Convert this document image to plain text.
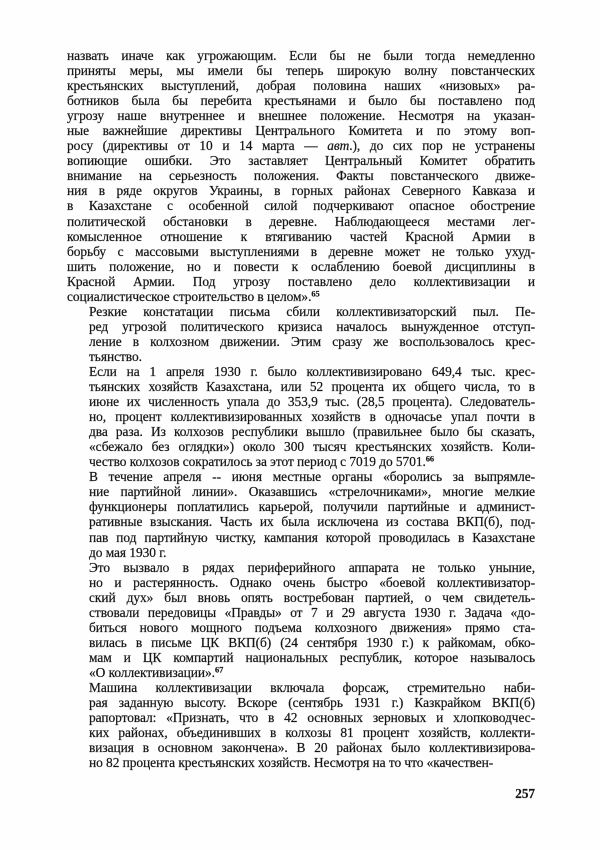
назвать иначе как угрожающим. Если бы не были тогда немедленно
приняты меры, мы имели бы теперь широкую волну повстанческих
крестьянских выступлений, добрая половина наших «низовых» ра-
ботников была бы перебита крестьянами и было бы поставлено под
угрозу наше внутреннее и внешнее положение. Несмотря на указан-
ные важнейшие директивы Центрального Комитета и по этому воп-
росу (директивы от 10 и 14 марта — авт.), до сих пор не устранены
вопиющие ошибки. Это заставляет Центральный Комитет обратить
внимание на серьезность положения. Факты повстанческого движе-
ния в ряде округов Украины, в горных районах Северного Кавказа и
в Казахстане с особенной силой подчеркивают опасное обострение
политической обстановки в деревне. Наблюдающееся местами лег-
комысленное отношение к втягиванию частей Красной Армии в
борьбу с массовыми выступлениями в деревне может не только ухуд-
шить положение, но и повести к ослаблению боевой дисциплины в
Красной Армии. Под угрозу поставлено дело коллективизации и
социалистическое строительство в целом».$^{65}$

Резкие констатации письма сбили коллективизаторский пыл. Пе-
ред угрозой политического кризиса началось вынужденное отступ-
ление в колхозном движении. Этим сразу же воспользовалось крес-
тьянство.

Если на 1 апреля 1930 г. было коллективизировано 649,4 тыс. крес-
тьянских хозяйств Казахстана, или 52 процента их общего числа, то в
июне их численность упала до 353,9 тыс. (28,5 процента). Следователь-
но, процент коллективизированных хозяйств в одночасье упал почти в
два раза. Из колхозов республики вышло (правильнее было бы сказать,
«сбежало без оглядки») около 300 тысяч крестьянских хозяйств. Коли-
чество колхозов сократилось за этот период с 7019 до 5701.66

В течение апреля -- июня местные органы «боролись за выпрямле-
ние партийной линии». Оказавшись «стрелочниками», многие мелкие
функционеры поплатились карьерой, получили партийные и админист-
ративные взыскания. Часть их была исключена из состава ВКП(б), под-
пав под партийную чистку, кампания которой проводилась в Казахстане
до мая 1930 г.

Это вызвало в рядах периферийного аппарата не только уныние,
но и растерянность. Однако очень быстро «боевой коллективизатор-
ский дух» был вновь опять востребован партией, о чем свидетель-
ствовали передовицы «Правды» от 7 и 29 августа 1930 г. Задача «до-
биться нового мощного подъема колхозного движения» прямо ста-
вилась в письме ЦК ВКП(б) (24 сентября 1930 г.) к райкомам, обко-
мам и ЦК компартий национальных республик, которое называлось
«О коллективизации».$^{67}$

Машина коллективизации включала форсаж, стремительно наби-
рая заданную высоту. Вскоре (сентябрь 1931 г.) Казкрайком ВКП(б)
рапортовал: «Признать, что в 42 основных зерновых и хлопководчес-
ких районах, объединивших в колхозы 81 процент хозяйств, коллекти-
визация в основном закончена». В 20 районах было коллективизирова-
но 82 процента крестьянских хозяйств. Несмотря на то что «качествен-

257
